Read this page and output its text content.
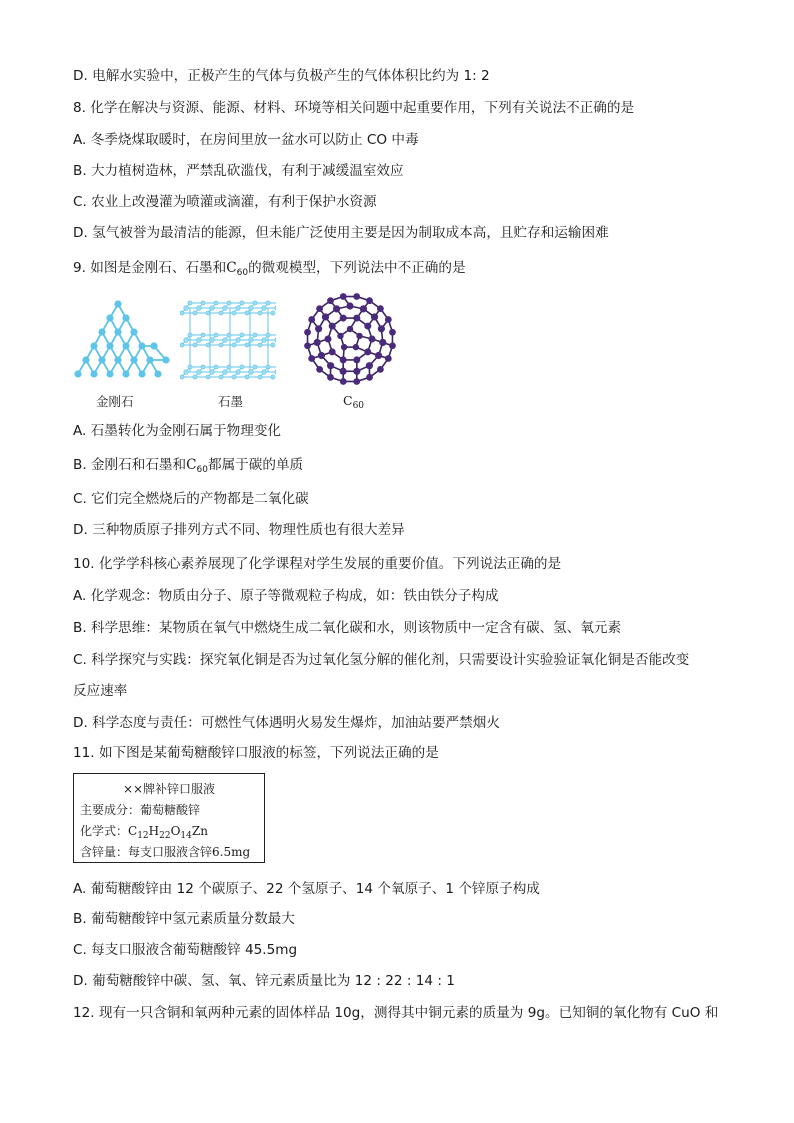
D. 电解水实验中，正极产生的气体与负极产生的气体体积比约为 1: 2
8. 化学在解决与资源、能源、材料、环境等相关问题中起重要作用，下列有关说法不正确的是
A. 冬季烧煤取暖时，在房间里放一盆水可以防止 CO 中毒
B. 大力植树造林，严禁乱砍滥伐，有利于减缓温室效应
C. 农业上改漫灌为喷灌或滴灌，有利于保护水资源
D. 氢气被誉为最清洁的能源，但未能广泛使用主要是因为制取成本高，且贮存和运输困难
9. 如图是金刚石、石墨和$C_{60}$的微观模型，下列说法中不正确的是
金刚石	石墨	$C_{60}$
A. 石墨转化为金刚石属于物理变化
B. 金刚石和石墨和$C_{60}$都属于碳的单质
C. 它们完全燃烧后的产物都是二氧化碳
D. 三种物质原子排列方式不同、物理性质也有很大差异
10. 化学学科核心素养展现了化学课程对学生发展的重要价值。下列说法正确的是
A. 化学观念：物质由分子、原子等微观粒子构成，如：铁由铁分子构成
B. 科学思维：某物质在氧气中燃烧生成二氧化碳和水，则该物质中一定含有碳、氢、氧元素
C. 科学探究与实践：探究氧化铜是否为过氧化氢分解的催化剂，只需要设计实验验证氧化铜是否能改变
反应速率
D. 科学态度与责任：可燃性气体遇明火易发生爆炸，加油站要严禁烟火
11. 如下图是某葡萄糖酸锌口服液的标签，下列说法正确的是
××牌补锌口服液
主要成分：葡萄糖酸锌
化学式：$C_{12}H_{22}O_{14}Zn$
含锌量：每支口服液含锌6.5mg
A. 葡萄糖酸锌由 12 个碳原子、22 个氢原子、14 个氧原子、1 个锌原子构成
B. 葡萄糖酸锌中氢元素质量分数最大
C. 每支口服液含葡萄糖酸锌 45.5mg
D. 葡萄糖酸锌中碳、氢、氧、锌元素质量比为 12 : 22 : 14 : 1
12. 现有一只含铜和氧两种元素的固体样品 10g，测得其中铜元素的质量为 9g。已知铜的氧化物有 CuO 和
